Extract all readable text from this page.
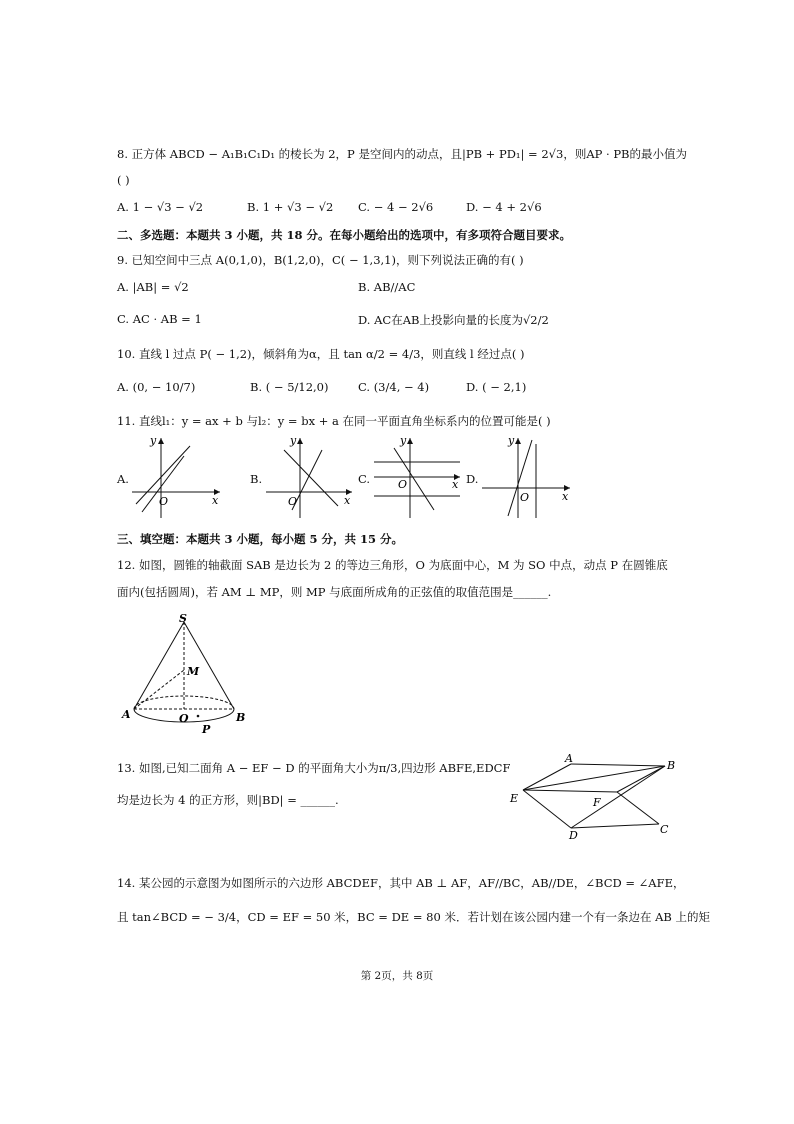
8. 正方体 ABCD − A₁B₁C₁D₁ 的棱长为 2，P 是空间内的动点，且|PB + PD₁| = 2√3，则AP · PB的最小值为
( )
A. 1 − √3 − √2	B. 1 + √3 − √2 C. − 4 − 2√6	D. − 4 + 2√6
二、多选题：本题共 3 小题，共 18 分。在每小题给出的选项中，有多项符合题目要求。
9. 已知空间中三点 A(0,1,0)，B(1,2,0)，C( − 1,3,1)，则下列说法正确的有( )
A. |AB| = √2	B. AB//AC
C. AC · AB = 1	D. AC在AB上投影向量的长度为√2/2
10. 直线 l 过点 P( − 1,2)，倾斜角为α，且 tan α/2 = 4/3，则直线 l 经过点( )
A. (0, − 10/7)	B. ( − 5/12,0)	C. (3/4, − 4)	D. ( − 2,1)
11. 直线l₁：y = ax + b 与l₂：y = bx + a 在同一平面直角坐标系内的位置可能是( )
A.
x
y
O
B.
x
y
O
C.	x
y
O	D.
x
y
O
三、填空题：本题共 3 小题，每小题 5 分，共 15 分。
12. 如图，圆锥的轴截面 SAB 是边长为 2 的等边三角形，O 为底面中心，M 为 SO 中点，动点 P 在圆锥底
面内(包括圆周)，若 AM ⊥ MP，则 MP 与底面所成角的正弦值的取值范围是______.
S
M
A	O	B
P
13. 如图,已知二面角 A − EF − D 的平面角大小为π/3,四边形 ABFE,EDCF
均是边长为 4 的正方形，则|BD| = ______.
A
B
E	F
D	C
14. 某公园的示意图为如图所示的六边形 ABCDEF，其中 AB ⊥ AF，AF//BC，AB//DE，∠BCD = ∠AFE，
且 tan∠BCD = − 3/4，CD = EF = 50 米，BC = DE = 80 米．若计划在该公园内建一个有一条边在 AB 上的矩
第 2页，共 8页
